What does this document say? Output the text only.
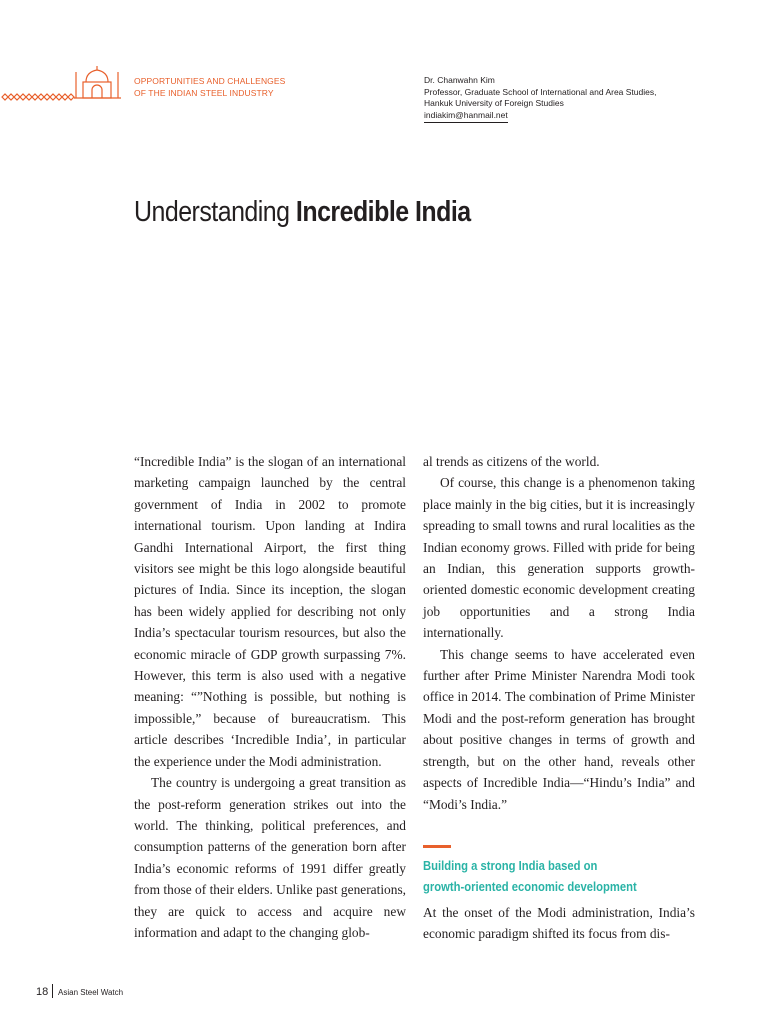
OPPORTUNITIES AND CHALLENGES
OF THE INDIAN STEEL INDUSTRY
Dr. Chanwahn Kim
Professor, Graduate School of International and Area Studies,
Hankuk University of Foreign Studies
indiakim@hanmail.net
Understanding Incredible India

“Incredible India” is the slogan of an international marketing campaign launched by the central government of India in 2002 to promote international tourism. Upon landing at Indira Gandhi International Airport, the first thing visitors see might be this logo alongside beautiful pictures of India. Since its inception, the slogan has been widely applied for describing not only India’s spectacular tourism resources, but also the economic miracle of GDP growth surpassing 7%. However, this term is also used with a negative meaning: “”Nothing is possible, but nothing is impossible,” because of bureaucratism. This article describes ‘Incredible India’, in particular the experience under the Modi administration.

The country is undergoing a great transition as the post-reform generation strikes out into the world. The thinking, political preferences, and consumption patterns of the generation born after India’s economic reforms of 1991 differ greatly from those of their elders. Unlike past generations, they are quick to access and acquire new information and adapt to the changing glob-

al trends as citizens of the world.

Of course, this change is a phenomenon taking place mainly in the big cities, but it is increasingly spreading to small towns and rural localities as the Indian economy grows. Filled with pride for being an Indian, this generation supports growth-oriented domestic economic development creating job opportunities and a strong India internationally.

This change seems to have accelerated even further after Prime Minister Narendra Modi took office in 2014. The combination of Prime Minister Modi and the post-reform generation has brought about positive changes in terms of growth and strength, but on the other hand, reveals other aspects of Incredible India—“Hindu’s India” and “Modi’s India.”

Building a strong India based on
growth-oriented economic development

At the onset of the Modi administration, India’s economic paradigm shifted its focus from dis-

18 Asian Steel Watch
